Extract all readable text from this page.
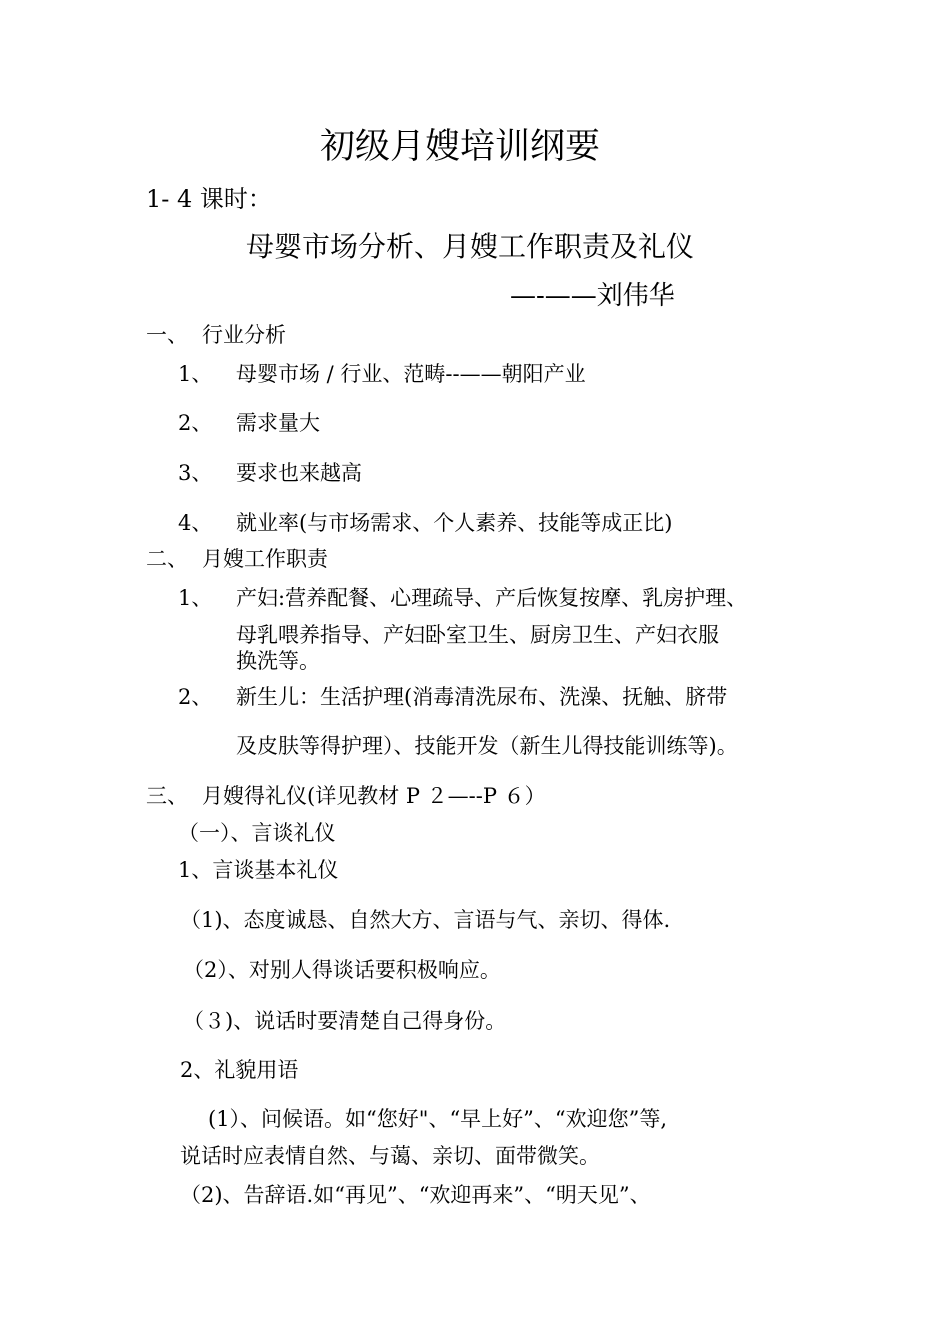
初级月嫂培训纲要
1- 4 课时：
母婴市场分析、月嫂工作职责及礼仪
—-——刘伟华
一、 行业分析
1、 母婴市场 / 行业、范畴--——朝阳产业
2、 需求量大
3、 要求也来越高
4、 就业率(与市场需求、个人素养、技能等成正比)
二、 月嫂工作职责
1、 产妇:营养配餐、心理疏导、产后恢复按摩、乳房护理、
母乳喂养指导、产妇卧室卫生、厨房卫生、产妇衣服
换洗等。
2、 新生儿：生活护理(消毒清洗尿布、洗澡、抚触、脐带
及皮肤等得护理）、技能开发（新生儿得技能训练等)。
三、 月嫂得礼仪(详见教材 P ２—--P ６）
（一）、言谈礼仪
1、言谈基本礼仪
（1)、态度诚恳、自然大方、言语与气、亲切、得体.
（2）、对别人得谈话要积极响应。
（３)、说话时要清楚自己得身份。
2、礼貌用语
(1）、问候语。如“您好"、“早上好”、“欢迎您”等,
说话时应表情自然、与蔼、亲切、面带微笑。
（2)、告辞语.如“再见”、“欢迎再来”、“明天见”、
